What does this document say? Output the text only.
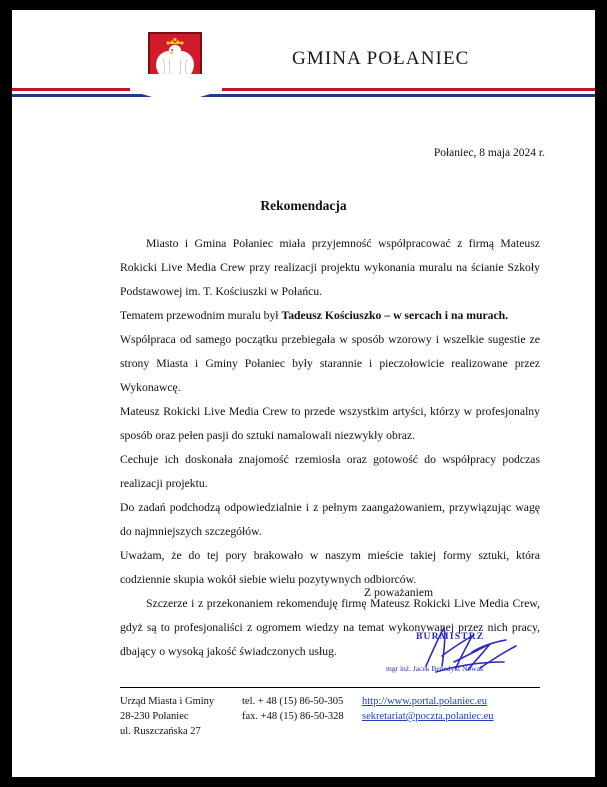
GMINA POŁANIEC
Połaniec, 8 maja 2024 r.
Rekomendacja

Miasto i Gmina Połaniec miała przyjemność współpracować z firmą Mateusz Rokicki Live Media Crew przy realizacji projektu wykonania muralu na ścianie Szkoły Podstawowej im. T. Kościuszki w Połańcu.

Tematem przewodnim muralu był Tadeusz Kościuszko – w sercach i na murach.

Współpraca od samego początku przebiegała w sposób wzorowy i wszelkie sugestie ze strony Miasta i Gminy Połaniec były starannie i pieczołowicie realizowane przez Wykonawcę.

Mateusz Rokicki Live Media Crew to przede wszystkim artyści, którzy w profesjonalny sposób oraz pełen pasji do sztuki namalowali niezwykły obraz.

Cechuje ich doskonała znajomość rzemiosła oraz gotowość do współpracy podczas realizacji projektu.

Do zadań podchodzą odpowiedzialnie i z pełnym zaangażowaniem, przywiązując wagę do najmniejszych szczegółów.

Uważam, że do tej pory brakowało w naszym mieście takiej formy sztuki, która codziennie skupia wokół siebie wielu pozytywnych odbiorców.

Szczerze i z przekonaniem rekomenduję firmę Mateusz Rokicki Live Media Crew, gdyż są to profesjonaliści z ogromem wiedzy na temat wykonywanej przez nich pracy, dbający o wysoką jakość świadczonych usług.

Z poważaniem
BURMISTRZ
mgr inż. Jacek Benedykt Nowak
Urząd Miasta i Gminy
28-230 Połaniec
ul. Ruszczańska 27
tel. + 48 (15) 86-50-305
fax. +48 (15) 86-50-328
http://www.portal.polaniec.eu
sekretariat@poczta.polaniec.eu
